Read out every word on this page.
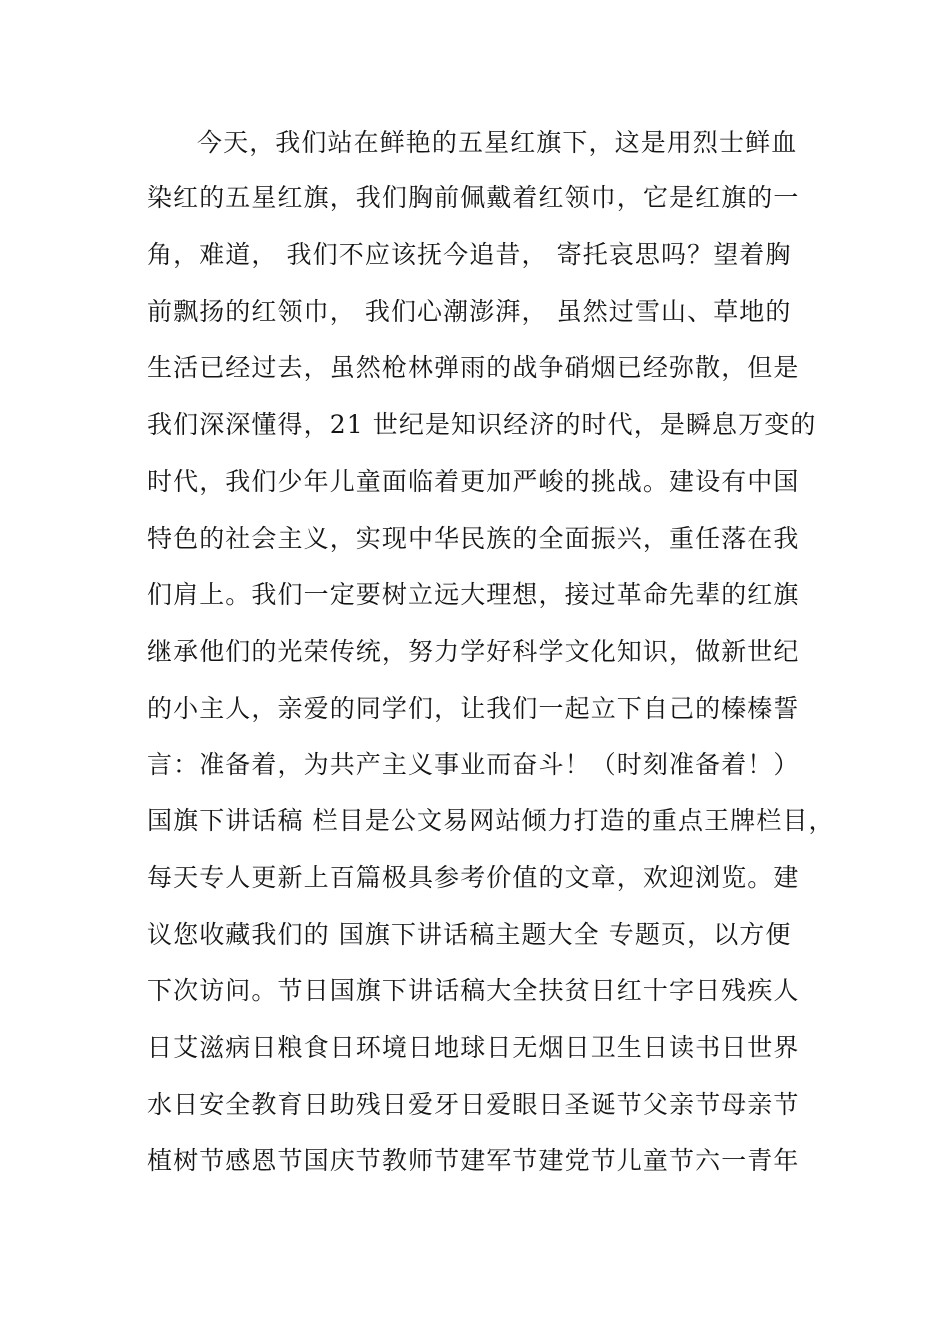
今天，我们站在鲜艳的五星红旗下，这是用烈士鲜血
染红的五星红旗，我们胸前佩戴着红领巾，它是红旗的一
角，难道， 我们不应该抚今追昔， 寄托哀思吗？望着胸
前飘扬的红领巾， 我们心潮澎湃， 虽然过雪山、草地的
生活已经过去，虽然枪林弹雨的战争硝烟已经弥散，但是
我们深深懂得，21 世纪是知识经济的时代，是瞬息万变的
时代，我们少年儿童面临着更加严峻的挑战。建设有中国
特色的社会主义，实现中华民族的全面振兴，重任落在我
们肩上。我们一定要树立远大理想，接过革命先辈的红旗
继承他们的光荣传统，努力学好科学文化知识，做新世纪
的小主人，亲爱的同学们，让我们一起立下自己的榛榛誓
言：准备着，为共产主义事业而奋斗！（时刻准备着！）
国旗下讲话稿 栏目是公文易网站倾力打造的重点王牌栏目，
每天专人更新上百篇极具参考价值的文章，欢迎浏览。建
议您收藏我们的 国旗下讲话稿主题大全 专题页，以方便
下次访问。节日国旗下讲话稿大全扶贫日红十字日残疾人
日艾滋病日粮食日环境日地球日无烟日卫生日读书日世界
水日安全教育日助残日爱牙日爱眼日圣诞节父亲节母亲节
植树节感恩节国庆节教师节建军节建党节儿童节六一青年
